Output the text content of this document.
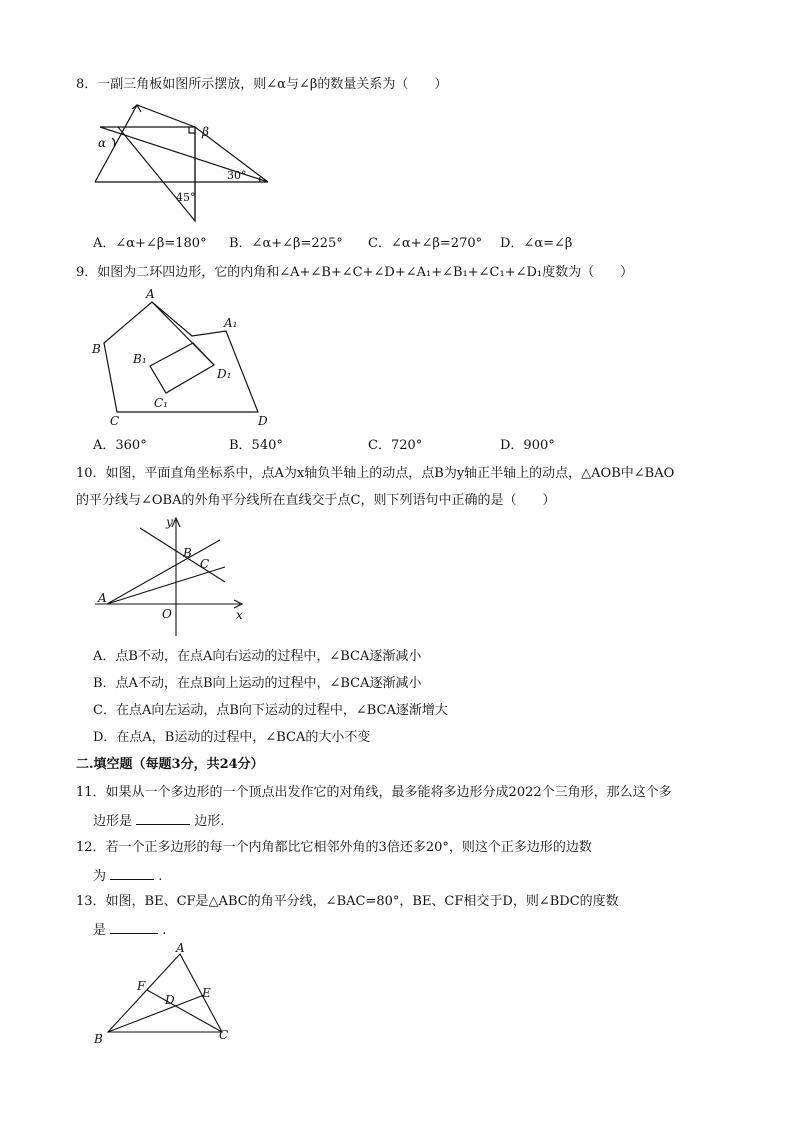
8．一副三角板如图所示摆放，则∠α与∠β的数量关系为（　　）
α
β
30°
45°
A．∠α+∠β=180° B．∠α+∠β=225° C．∠α+∠β=270° D．∠α=∠β
9．如图为二环四边形，它的内角和∠A+∠B+∠C+∠D+∠A₁+∠B₁+∠C₁+∠D₁度数为（　　）
A
B
C	D
A₁
B₁
C₁
D₁
A．360°	B．540°	C．720°	D．900°
10．如图，平面直角坐标系中，点A为x轴负半轴上的动点，点B为y轴正半轴上的动点，△AOB中∠BAO
的平分线与∠OBA的外角平分线所在直线交于点C，则下列语句中正确的是（　　）
y
x
A
B
C
O
A．点B不动，在点A向右运动的过程中，∠BCA逐渐减小
B．点A不动，在点B向上运动的过程中，∠BCA逐渐减小
C．在点A向左运动，点B向下运动的过程中，∠BCA逐渐增大
D．在点A，B运动的过程中，∠BCA的大小不变
二.填空题（每题3分，共24分）
11．如果从一个多边形的一个顶点出发作它的对角线，最多能将多边形分成2022个三角形，那么这个多
边形是	边形.
12．若一个正多边形的每一个内角都比它相邻外角的3倍还多20°，则这个正多边形的边数
为	.
13．如图，BE、CF是△ABC的角平分线，∠BAC=80°，BE、CF相交于D，则∠BDC的度数
是	.
A
B	C
D E
F
